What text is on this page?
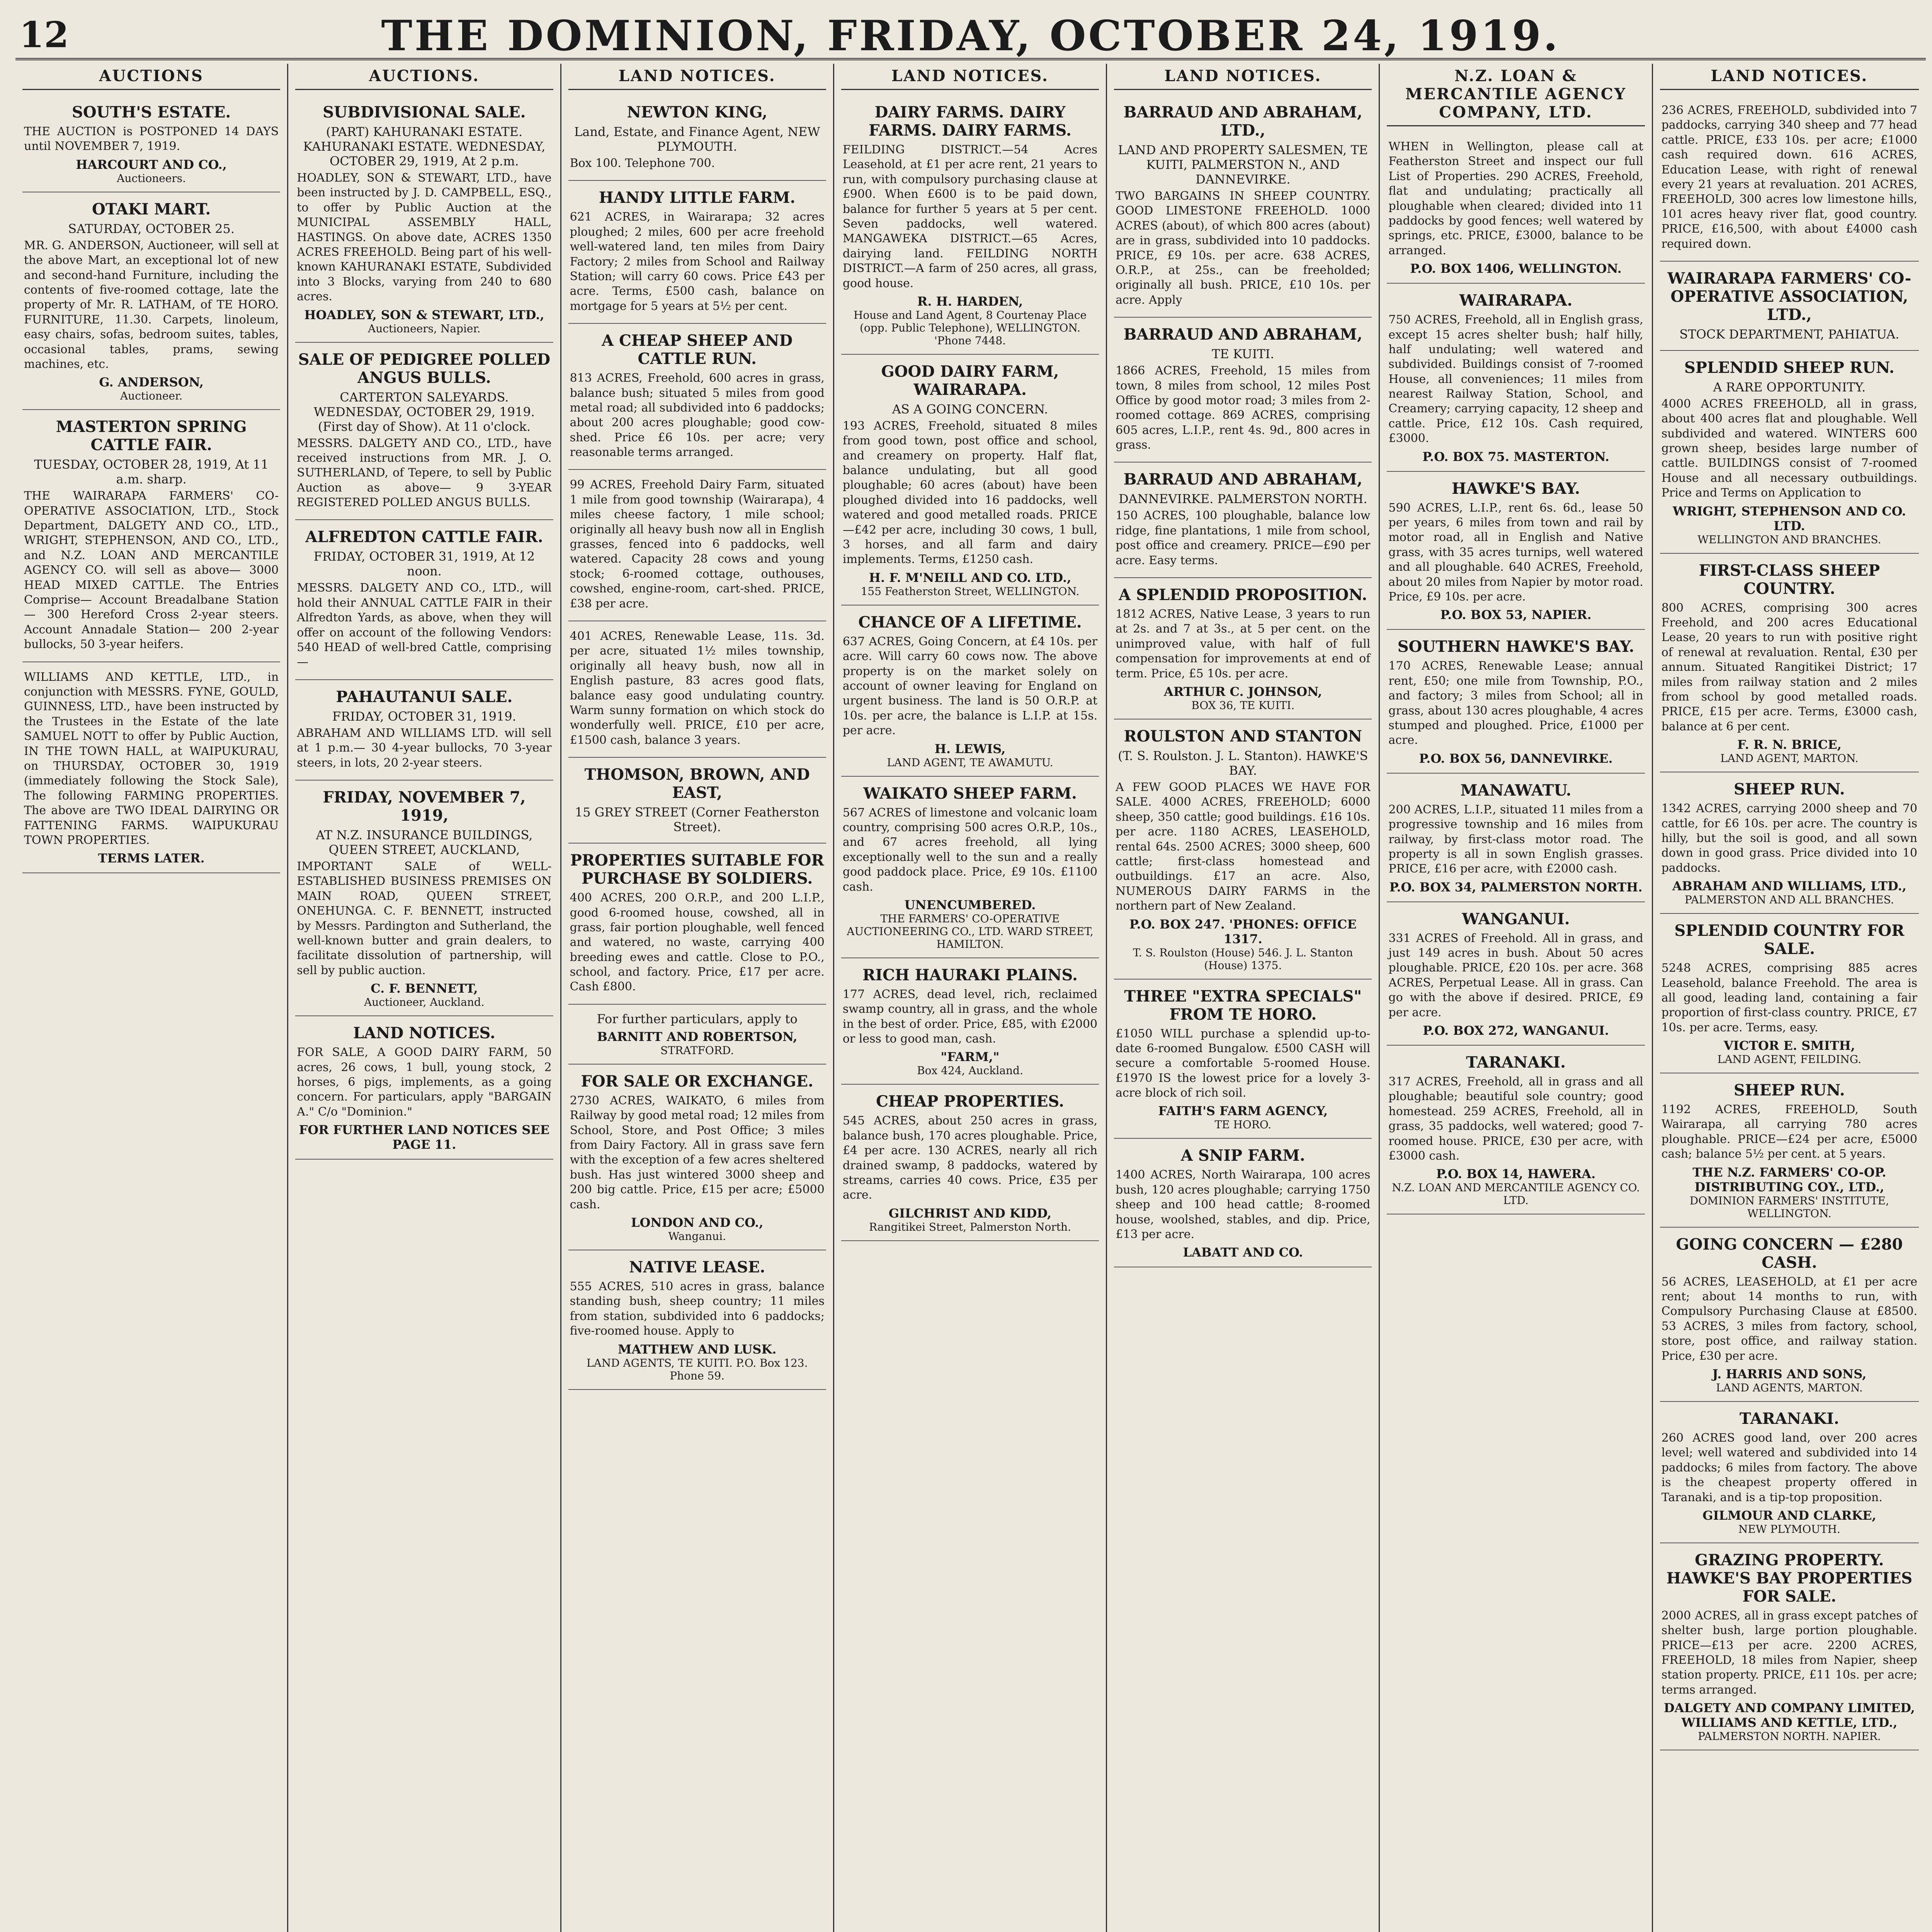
12	THE DOMINION, FRIDAY, OCTOBER 24, 1919.
AUCTIONS
SOUTH'S ESTATE.
THE AUCTION is POSTPONED 14 DAYS until NOVEMBER 7, 1919.
HARCOURT AND CO.,
Auctioneers.
OTAKI MART.
SATURDAY, OCTOBER 25.
MR. G. ANDERSON, Auctioneer, will sell at the above Mart, an exceptional lot of new and second-hand Furniture, including the contents of five-roomed cottage, late the property of Mr. R. LATHAM, of TE HORO. FURNITURE, 11.30. Carpets, linoleum, easy chairs, sofas, bedroom suites, tables, occasional tables, prams, sewing machines, etc.
G. ANDERSON,
Auctioneer.
MASTERTON SPRING CATTLE FAIR.
TUESDAY, OCTOBER 28, 1919, At 11 a.m. sharp.
THE WAIRARAPA FARMERS' CO-OPERATIVE ASSOCIATION, LTD., Stock Department, DALGETY AND CO., LTD., WRIGHT, STEPHENSON, AND CO., LTD., and N.Z. LOAN AND MERCANTILE AGENCY CO. will sell as above— 3000 HEAD MIXED CATTLE. The Entries Comprise— Account Breadalbane Station— 300 Hereford Cross 2-year steers. Account Annadale Station— 200 2-year bullocks, 50 3-year heifers.
WILLIAMS AND KETTLE, LTD., in conjunction with MESSRS. FYNE, GOULD, GUINNESS, LTD., have been instructed by the Trustees in the Estate of the late SAMUEL NOTT to offer by Public Auction, IN THE TOWN HALL, at WAIPUKURAU, on THURSDAY, OCTOBER 30, 1919 (immediately following the Stock Sale), The following FARMING PROPERTIES. The above are TWO IDEAL DAIRYING OR FATTENING FARMS. WAIPUKURAU TOWN PROPERTIES.
TERMS LATER.
AUCTIONS.
SUBDIVISIONAL SALE.
(PART) KAHURANAKI ESTATE. KAHURANAKI ESTATE. WEDNESDAY, OCTOBER 29, 1919, At 2 p.m.
HOADLEY, SON & STEWART, LTD., have been instructed by J. D. CAMPBELL, ESQ., to offer by Public Auction at the MUNICIPAL ASSEMBLY HALL, HASTINGS. On above date, ACRES 1350 ACRES FREEHOLD. Being part of his well-known KAHURANAKI ESTATE, Subdivided into 3 Blocks, varying from 240 to 680 acres.
HOADLEY, SON & STEWART, LTD.,
Auctioneers, Napier.
SALE OF PEDIGREE POLLED ANGUS BULLS.
CARTERTON SALEYARDS. WEDNESDAY, OCTOBER 29, 1919. (First day of Show). At 11 o'clock.
MESSRS. DALGETY AND CO., LTD., have received instructions from MR. J. O. SUTHERLAND, of Tepere, to sell by Public Auction as above— 9 3-YEAR REGISTERED POLLED ANGUS BULLS.
ALFREDTON CATTLE FAIR.
FRIDAY, OCTOBER 31, 1919, At 12 noon.
MESSRS. DALGETY AND CO., LTD., will hold their ANNUAL CATTLE FAIR in their Alfredton Yards, as above, when they will offer on account of the following Vendors: 540 HEAD of well-bred Cattle, comprising—
PAHAUTANUI SALE.
FRIDAY, OCTOBER 31, 1919.
ABRAHAM AND WILLIAMS LTD. will sell at 1 p.m.— 30 4-year bullocks, 70 3-year steers, in lots, 20 2-year steers.
FRIDAY, NOVEMBER 7, 1919,
AT N.Z. INSURANCE BUILDINGS, QUEEN STREET, AUCKLAND,
IMPORTANT SALE of WELL-ESTABLISHED BUSINESS PREMISES ON MAIN ROAD, QUEEN STREET, ONEHUNGA. C. F. BENNETT, instructed by Messrs. Pardington and Sutherland, the well-known butter and grain dealers, to facilitate dissolution of partnership, will sell by public auction.
C. F. BENNETT,
Auctioneer, Auckland.
LAND NOTICES.
FOR SALE, A GOOD DAIRY FARM, 50 acres, 26 cows, 1 bull, young stock, 2 horses, 6 pigs, implements, as a going concern. For particulars, apply "BARGAIN A." C/o "Dominion."
FOR FURTHER LAND NOTICES SEE PAGE 11.
LAND NOTICES.
NEWTON KING,
Land, Estate, and Finance Agent, NEW PLYMOUTH.
Box 100. Telephone 700.
HANDY LITTLE FARM.
621 ACRES, in Wairarapa; 32 acres ploughed; 2 miles, 600 per acre freehold well-watered land, ten miles from Dairy Factory; 2 miles from School and Railway Station; will carry 60 cows. Price £43 per acre. Terms, £500 cash, balance on mortgage for 5 years at 5½ per cent.
A CHEAP SHEEP AND CATTLE RUN.
813 ACRES, Freehold, 600 acres in grass, balance bush; situated 5 miles from good metal road; all subdivided into 6 paddocks; about 200 acres ploughable; good cow-shed. Price £6 10s. per acre; very reasonable terms arranged.
99 ACRES, Freehold Dairy Farm, situated 1 mile from good township (Wairarapa), 4 miles cheese factory, 1 mile school; originally all heavy bush now all in English grasses, fenced into 6 paddocks, well watered. Capacity 28 cows and young stock; 6-roomed cottage, outhouses, cowshed, engine-room, cart-shed. PRICE, £38 per acre.
401 ACRES, Renewable Lease, 11s. 3d. per acre, situated 1½ miles township, originally all heavy bush, now all in English pasture, 83 acres good flats, balance easy good undulating country. Warm sunny formation on which stock do wonderfully well. PRICE, £10 per acre, £1500 cash, balance 3 years.
THOMSON, BROWN, AND EAST,
15 GREY STREET (Corner Featherston Street).
PROPERTIES SUITABLE FOR PURCHASE BY SOLDIERS.
400 ACRES, 200 O.R.P., and 200 L.I.P., good 6-roomed house, cowshed, all in grass, fair portion ploughable, well fenced and watered, no waste, carrying 400 breeding ewes and cattle. Close to P.O., school, and factory. Price, £17 per acre. Cash £800.
For further particulars, apply to
BARNITT AND ROBERTSON,
STRATFORD.
FOR SALE OR EXCHANGE.
2730 ACRES, WAIKATO, 6 miles from Railway by good metal road; 12 miles from School, Store, and Post Office; 3 miles from Dairy Factory. All in grass save fern with the exception of a few acres sheltered bush. Has just wintered 3000 sheep and 200 big cattle. Price, £15 per acre; £5000 cash.
LONDON AND CO.,
Wanganui.
NATIVE LEASE.
555 ACRES, 510 acres in grass, balance standing bush, sheep country; 11 miles from station, subdivided into 6 paddocks; five-roomed house. Apply to
MATTHEW AND LUSK.
LAND AGENTS, TE KUITI. P.O. Box 123. Phone 59.
LAND NOTICES.
DAIRY FARMS. DAIRY FARMS. DAIRY FARMS.
FEILDING DISTRICT.—54 Acres Leasehold, at £1 per acre rent, 21 years to run, with compulsory purchasing clause at £900. When £600 is to be paid down, balance for further 5 years at 5 per cent. Seven paddocks, well watered. MANGAWEKA DISTRICT.—65 Acres, dairying land. FEILDING NORTH DISTRICT.—A farm of 250 acres, all grass, good house.
R. H. HARDEN,
House and Land Agent, 8 Courtenay Place (opp. Public Telephone), WELLINGTON. 'Phone 7448.
GOOD DAIRY FARM, WAIRARAPA.
AS A GOING CONCERN.
193 ACRES, Freehold, situated 8 miles from good town, post office and school, and creamery on property. Half flat, balance undulating, but all good ploughable; 60 acres (about) have been ploughed divided into 16 paddocks, well watered and good metalled roads. PRICE—£42 per acre, including 30 cows, 1 bull, 3 horses, and all farm and dairy implements. Terms, £1250 cash.
H. F. M'NEILL AND CO. LTD.,
155 Featherston Street, WELLINGTON.
CHANCE OF A LIFETIME.
637 ACRES, Going Concern, at £4 10s. per acre. Will carry 60 cows now. The above property is on the market solely on account of owner leaving for England on urgent business. The land is 50 O.R.P. at 10s. per acre, the balance is L.I.P. at 15s. per acre.
H. LEWIS,
LAND AGENT, TE AWAMUTU.
WAIKATO SHEEP FARM.
567 ACRES of limestone and volcanic loam country, comprising 500 acres O.R.P., 10s., and 67 acres freehold, all lying exceptionally well to the sun and a really good paddock place. Price, £9 10s. £1100 cash.
UNENCUMBERED.
THE FARMERS' CO-OPERATIVE AUCTIONEERING CO., LTD. WARD STREET, HAMILTON.
RICH HAURAKI PLAINS.
177 ACRES, dead level, rich, reclaimed swamp country, all in grass, and the whole in the best of order. Price, £85, with £2000 or less to good man, cash.
"FARM,"
Box 424, Auckland.
CHEAP PROPERTIES.
545 ACRES, about 250 acres in grass, balance bush, 170 acres ploughable. Price, £4 per acre. 130 ACRES, nearly all rich drained swamp, 8 paddocks, watered by streams, carries 40 cows. Price, £35 per acre.
GILCHRIST AND KIDD,
Rangitikei Street, Palmerston North.
LAND NOTICES.
BARRAUD AND ABRAHAM, LTD.,
LAND AND PROPERTY SALESMEN, TE KUITI, PALMERSTON N., AND DANNEVIRKE.
TWO BARGAINS IN SHEEP COUNTRY. GOOD LIMESTONE FREEHOLD. 1000 ACRES (about), of which 800 acres (about) are in grass, subdivided into 10 paddocks. PRICE, £9 10s. per acre. 638 ACRES, O.R.P., at 25s., can be freeholded; originally all bush. PRICE, £10 10s. per acre. Apply
BARRAUD AND ABRAHAM,
TE KUITI.
1866 ACRES, Freehold, 15 miles from town, 8 miles from school, 12 miles Post Office by good motor road; 3 miles from 2-roomed cottage. 869 ACRES, comprising 605 acres, L.I.P., rent 4s. 9d., 800 acres in grass.
BARRAUD AND ABRAHAM,
DANNEVIRKE. PALMERSTON NORTH.
150 ACRES, 100 ploughable, balance low ridge, fine plantations, 1 mile from school, post office and creamery. PRICE—£90 per acre. Easy terms.
A SPLENDID PROPOSITION.
1812 ACRES, Native Lease, 3 years to run at 2s. and 7 at 3s., at 5 per cent. on the unimproved value, with half of full compensation for improvements at end of term. Price, £5 10s. per acre.
ARTHUR C. JOHNSON,
BOX 36, TE KUITI.
ROULSTON AND STANTON
(T. S. Roulston. J. L. Stanton). HAWKE'S BAY.
A FEW GOOD PLACES WE HAVE FOR SALE. 4000 ACRES, FREEHOLD; 6000 sheep, 350 cattle; good buildings. £16 10s. per acre. 1180 ACRES, LEASEHOLD, rental 64s. 2500 ACRES; 3000 sheep, 600 cattle; first-class homestead and outbuildings. £17 an acre. Also, NUMEROUS DAIRY FARMS in the northern part of New Zealand.
P.O. BOX 247. 'PHONES: OFFICE 1317.
T. S. Roulston (House) 546. J. L. Stanton (House) 1375.
THREE "EXTRA SPECIALS" FROM TE HORO.
£1050 WILL purchase a splendid up-to-date 6-roomed Bungalow. £500 CASH will secure a comfortable 5-roomed House. £1970 IS the lowest price for a lovely 3-acre block of rich soil.
FAITH'S FARM AGENCY,
TE HORO.
A SNIP FARM.
1400 ACRES, North Wairarapa, 100 acres bush, 120 acres ploughable; carrying 1750 sheep and 100 head cattle; 8-roomed house, woolshed, stables, and dip. Price, £13 per acre.
LABATT AND CO.
N.Z. LOAN & MERCANTILE AGENCY COMPANY, LTD.
WHEN in Wellington, please call at Featherston Street and inspect our full List of Properties. 290 ACRES, Freehold, flat and undulating; practically all ploughable when cleared; divided into 11 paddocks by good fences; well watered by springs, etc. PRICE, £3000, balance to be arranged.
P.O. BOX 1406, WELLINGTON.
WAIRARAPA.
750 ACRES, Freehold, all in English grass, except 15 acres shelter bush; half hilly, half undulating; well watered and subdivided. Buildings consist of 7-roomed House, all conveniences; 11 miles from nearest Railway Station, School, and Creamery; carrying capacity, 12 sheep and cattle. Price, £12 10s. Cash required, £3000.
P.O. BOX 75. MASTERTON.
HAWKE'S BAY.
590 ACRES, L.I.P., rent 6s. 6d., lease 50 per years, 6 miles from town and rail by motor road, all in English and Native grass, with 35 acres turnips, well watered and all ploughable. 640 ACRES, Freehold, about 20 miles from Napier by motor road. Price, £9 10s. per acre.
P.O. BOX 53, NAPIER.
SOUTHERN HAWKE'S BAY.
170 ACRES, Renewable Lease; annual rent, £50; one mile from Township, P.O., and factory; 3 miles from School; all in grass, about 130 acres ploughable, 4 acres stumped and ploughed. Price, £1000 per acre.
P.O. BOX 56, DANNEVIRKE.
MANAWATU.
200 ACRES, L.I.P., situated 11 miles from a progressive township and 16 miles from railway, by first-class motor road. The property is all in sown English grasses. PRICE, £16 per acre, with £2000 cash.
P.O. BOX 34, PALMERSTON NORTH.
WANGANUI.
331 ACRES of Freehold. All in grass, and just 149 acres in bush. About 50 acres ploughable. PRICE, £20 10s. per acre. 368 ACRES, Perpetual Lease. All in grass. Can go with the above if desired. PRICE, £9 per acre.
P.O. BOX 272, WANGANUI.
TARANAKI.
317 ACRES, Freehold, all in grass and all ploughable; beautiful sole country; good homestead. 259 ACRES, Freehold, all in grass, 35 paddocks, well watered; good 7-roomed house. PRICE, £30 per acre, with £3000 cash.
P.O. BOX 14, HAWERA.
N.Z. LOAN AND MERCANTILE AGENCY CO. LTD.
LAND NOTICES.
236 ACRES, FREEHOLD, subdivided into 7 paddocks, carrying 340 sheep and 77 head cattle. PRICE, £33 10s. per acre; £1000 cash required down. 616 ACRES, Education Lease, with right of renewal every 21 years at revaluation. 201 ACRES, FREEHOLD, 300 acres low limestone hills, 101 acres heavy river flat, good country. PRICE, £16,500, with about £4000 cash required down.
WAIRARAPA FARMERS' CO-OPERATIVE ASSOCIATION, LTD.,
STOCK DEPARTMENT, PAHIATUA.
SPLENDID SHEEP RUN.
A RARE OPPORTUNITY.
4000 ACRES FREEHOLD, all in grass, about 400 acres flat and ploughable. Well subdivided and watered. WINTERS 600 grown sheep, besides large number of cattle. BUILDINGS consist of 7-roomed House and all necessary outbuildings. Price and Terms on Application to
WRIGHT, STEPHENSON AND CO. LTD.
WELLINGTON AND BRANCHES.
FIRST-CLASS SHEEP COUNTRY.
800 ACRES, comprising 300 acres Freehold, and 200 acres Educational Lease, 20 years to run with positive right of renewal at revaluation. Rental, £30 per annum. Situated Rangitikei District; 17 miles from railway station and 2 miles from school by good metalled roads. PRICE, £15 per acre. Terms, £3000 cash, balance at 6 per cent.
F. R. N. BRICE,
LAND AGENT, MARTON.
SHEEP RUN.
1342 ACRES, carrying 2000 sheep and 70 cattle, for £6 10s. per acre. The country is hilly, but the soil is good, and all sown down in good grass. Price divided into 10 paddocks.
ABRAHAM AND WILLIAMS, LTD.,
PALMERSTON AND ALL BRANCHES.
SPLENDID COUNTRY FOR SALE.
5248 ACRES, comprising 885 acres Leasehold, balance Freehold. The area is all good, leading land, containing a fair proportion of first-class country. PRICE, £7 10s. per acre. Terms, easy.
VICTOR E. SMITH,
LAND AGENT, FEILDING.
SHEEP RUN.
1192 ACRES, FREEHOLD, South Wairarapa, all carrying 780 acres ploughable. PRICE—£24 per acre, £5000 cash; balance 5½ per cent. at 5 years.
THE N.Z. FARMERS' CO-OP. DISTRIBUTING COY., LTD.,
DOMINION FARMERS' INSTITUTE, WELLINGTON.
GOING CONCERN — £280 CASH.
56 ACRES, LEASEHOLD, at £1 per acre rent; about 14 months to run, with Compulsory Purchasing Clause at £8500. 53 ACRES, 3 miles from factory, school, store, post office, and railway station. Price, £30 per acre.
J. HARRIS AND SONS,
LAND AGENTS, MARTON.
TARANAKI.
260 ACRES good land, over 200 acres level; well watered and subdivided into 14 paddocks; 6 miles from factory. The above is the cheapest property offered in Taranaki, and is a tip-top proposition.
GILMOUR AND CLARKE,
NEW PLYMOUTH.
GRAZING PROPERTY. HAWKE'S BAY PROPERTIES FOR SALE.
2000 ACRES, all in grass except patches of shelter bush, large portion ploughable. PRICE—£13 per acre. 2200 ACRES, FREEHOLD, 18 miles from Napier, sheep station property. PRICE, £11 10s. per acre; terms arranged.
DALGETY AND COMPANY LIMITED, WILLIAMS AND KETTLE, LTD.,
PALMERSTON NORTH. NAPIER.
